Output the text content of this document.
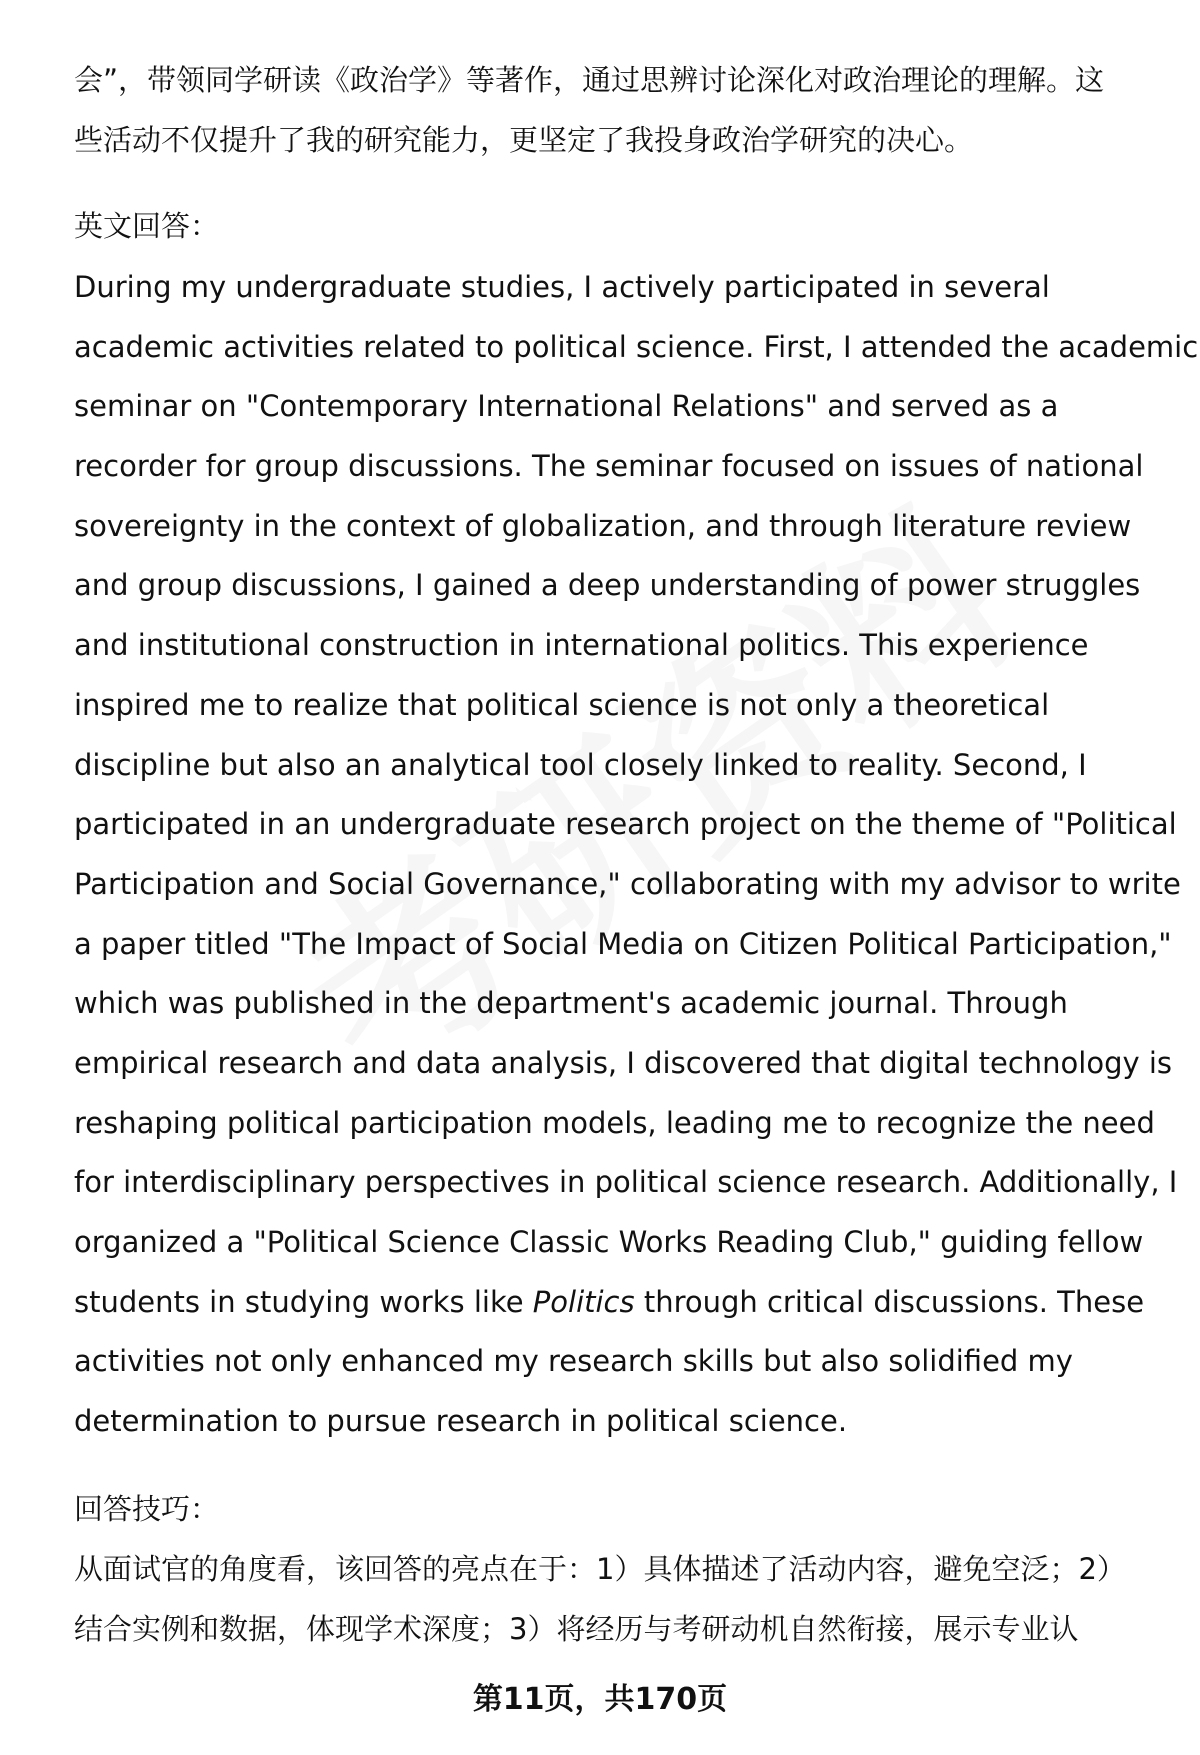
会”，带领同学研读《政治学》等著作，通过思辨讨论深化对政治理论的理解。这
些活动不仅提升了我的研究能力，更坚定了我投身政治学研究的决心。
英文回答：
During my undergraduate studies, I actively participated in several
academic activities related to political science. First, I attended the academic
seminar on "Contemporary International Relations" and served as a
recorder for group discussions. The seminar focused on issues of national
sovereignty in the context of globalization, and through literature review
and group discussions, I gained a deep understanding of power struggles
and institutional construction in international politics. This experience
inspired me to realize that political science is not only a theoretical
discipline but also an analytical tool closely linked to reality. Second, I
participated in an undergraduate research project on the theme of "Political
Participation and Social Governance," collaborating with my advisor to write
a paper titled "The Impact of Social Media on Citizen Political Participation,"
which was published in the department's academic journal. Through
empirical research and data analysis, I discovered that digital technology is
reshaping political participation models, leading me to recognize the need
for interdisciplinary perspectives in political science research. Additionally, I
organized a "Political Science Classic Works Reading Club," guiding fellow
students in studying works like Politics through critical discussions. These
activities not only enhanced my research skills but also solidified my
determination to pursue research in political science.
回答技巧：
从面试官的角度看，该回答的亮点在于：1）具体描述了活动内容，避免空泛；2）
结合实例和数据，体现学术深度；3）将经历与考研动机自然衔接，展示专业认
第11页，共170页
